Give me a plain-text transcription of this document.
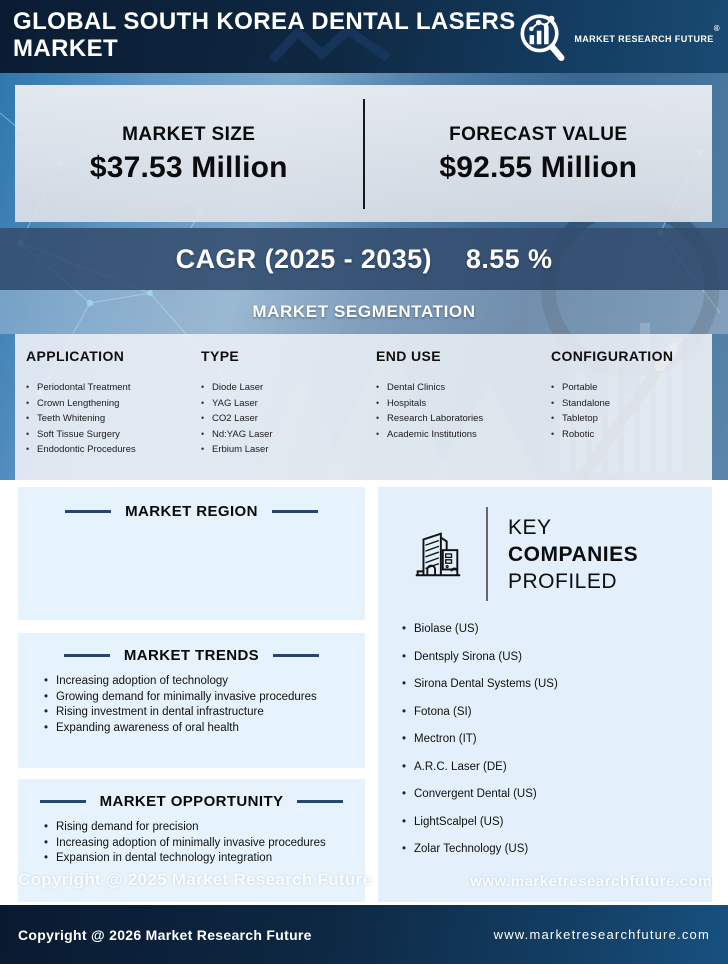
GLOBAL SOUTH KOREA DENTAL LASERS MARKET	MARKET RESEARCH FUTURE®
MARKET SIZE
$37.53 Million
FORECAST VALUE
$92.55 Million
CAGR (2025 - 2035) 8.55 %
MARKET SEGMENTATION
APPLICATION
• Periodontal Treatment
• Crown Lengthening
• Teeth Whitening
• Soft Tissue Surgery
• Endodontic Procedures
TYPE
• Diode Laser
• YAG Laser
• CO2 Laser
• Nd:YAG Laser
• Erbium Laser
END USE
• Dental Clinics
• Hospitals
• Research Laboratories
• Academic Institutions
CONFIGURATION
• Portable
• Standalone
• Tabletop
• Robotic
MARKET REGION
MARKET TRENDS
• Increasing adoption of technology
• Growing demand for minimally invasive procedures
• Rising investment in dental infrastructure
• Expanding awareness of oral health
MARKET OPPORTUNITY
• Rising demand for precision
• Increasing adoption of minimally invasive procedures
• Expansion in dental technology integration
KEY
COMPANIES
PROFILED
• Biolase (US)
• Dentsply Sirona (US)
• Sirona Dental Systems (US)
• Fotona (SI)
• Mectron (IT)
• A.R.C. Laser (DE)
• Convergent Dental (US)
• LightScalpel (US)
• Zolar Technology (US)
Copyright @ 2025 Market Research Future	www.marketresearchfuture.com
Copyright @ 2026 Market Research Future	www.marketresearchfuture.com
